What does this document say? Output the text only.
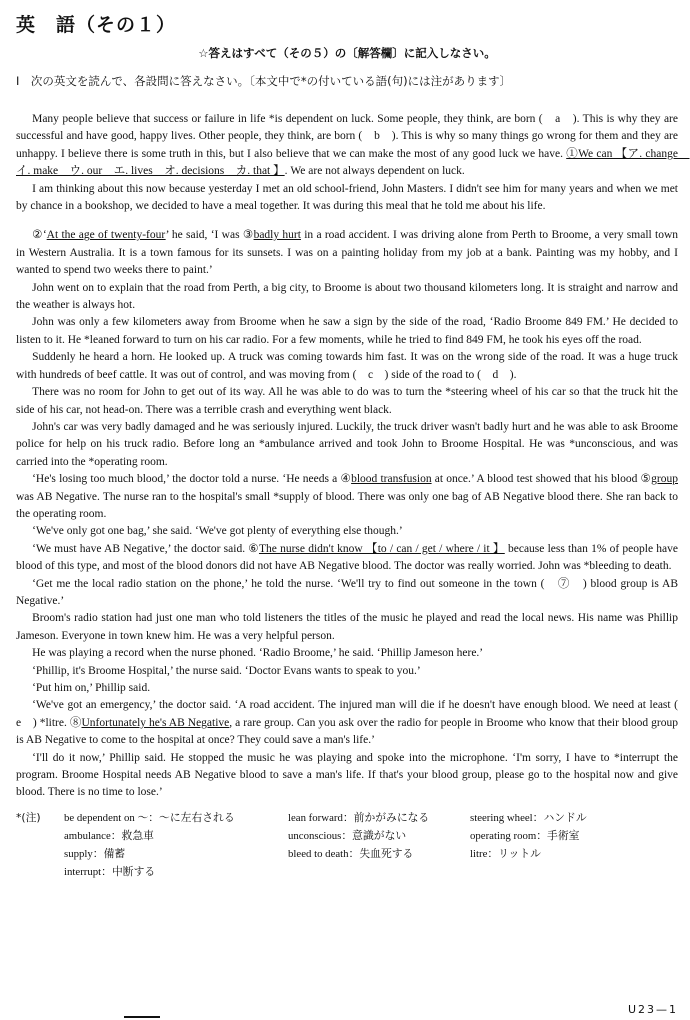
英　語（その１）
☆答えはすべて（その５）の〔解答欄〕に記入しなさい。
Ⅰ　次の英文を読んで、各設問に答えなさい。〔本文中で*の付いている語(句)には注があります〕

Many people believe that success or failure in life *is dependent on luck. Some people, they think, are born (　a　). This is why they are successful and have good, happy lives. Other people, they think, are born (　b　). This is why so many things go wrong for them and they are unhappy. I believe there is some truth in this, but I also believe that we can make the most of any good luck we have. ①We can 【ア. change　イ. make　ウ. our　エ. lives　オ. decisions　カ. that 】. We are not always dependent on luck.

I am thinking about this now because yesterday I met an old school-friend, John Masters. I didn't see him for many years and when we met by chance in a bookshop, we decided to have a meal together. It was during this meal that he told me about his life.

②‘At the age of twenty-four’ he said, ‘I was ③badly hurt in a road accident. I was driving alone from Perth to Broome, a very small town in Western Australia. It is a town famous for its sunsets. I was on a painting holiday from my job at a bank. Painting was my hobby, and I wanted to spend two weeks there to paint.’

John went on to explain that the road from Perth, a big city, to Broome is about two thousand kilometers long. It is straight and narrow and the weather is always hot.

John was only a few kilometers away from Broome when he saw a sign by the side of the road, ‘Radio Broome 849 FM.’ He decided to listen to it. He *leaned forward to turn on his car radio. For a few moments, while he tried to find 849 FM, he took his eyes off the road.

Suddenly he heard a horn. He looked up. A truck was coming towards him fast. It was on the wrong side of the road. It was a huge truck with hundreds of beef cattle. It was out of control, and was moving from (　c　) side of the road to (　d　).

There was no room for John to get out of its way. All he was able to do was to turn the *steering wheel of his car so that the truck hit the side of his car, not head-on. There was a terrible crash and everything went black.

John's car was very badly damaged and he was seriously injured. Luckily, the truck driver wasn't badly hurt and he was able to ask Broome police for help on his truck radio. Before long an *ambulance arrived and took John to Broome Hospital. He was *unconscious, and was carried into the *operating room.

‘He's losing too much blood,’ the doctor told a nurse. ‘He needs a ④blood transfusion at once.’ A blood test showed that his blood ⑤group was AB Negative. The nurse ran to the hospital's small *supply of blood. There was only one bag of AB Negative blood there. She ran back to the operating room.

‘We've only got one bag,’ she said. ‘We've got plenty of everything else though.’

‘We must have AB Negative,’ the doctor said. ⑥The nurse didn't know 【to / can / get / where / it 】 because less than 1% of people have blood of this type, and most of the blood donors did not have AB Negative blood. The doctor was really worried. John was *bleeding to death.

‘Get me the local radio station on the phone,’ he told the nurse. ‘We'll try to find out someone in the town (　⑦　) blood group is AB Negative.’

Broom's radio station had just one man who told listeners the titles of the music he played and read the local news. His name was Phillip Jameson. Everyone in town knew him. He was a very helpful person.

He was playing a record when the nurse phoned. ‘Radio Broome,’ he said. ‘Phillip Jameson here.’

‘Phillip, it's Broome Hospital,’ the nurse said. ‘Doctor Evans wants to speak to you.’

‘Put him on,’ Phillip said.

‘We've got an emergency,’ the doctor said. ‘A road accident. The injured man will die if he doesn't have enough blood. We need at least (　e　) *litre. ⑧Unfortunately he's AB Negative, a rare group. Can you ask over the radio for people in Broome who know that their blood group is AB Negative to come to the hospital at once? They could save a man's life.’

‘I'll do it now,’ Phillip said. He stopped the music he was playing and spoke into the microphone. ‘I'm sorry, I have to *interrupt the program. Broome Hospital needs AB Negative blood to save a man's life. If that's your blood group, please go to the hospital now and give blood. There is no time to lose.’

*(注)	be dependent on ～：～に左右される	lean forward：前かがみになる	steering wheel：ハンドル
ambulance：救急車	unconscious：意識がない	operating room：手術室
supply：備蓄	bleed to death：失血死する	litre：リットル
interrupt：中断する
U23—1
